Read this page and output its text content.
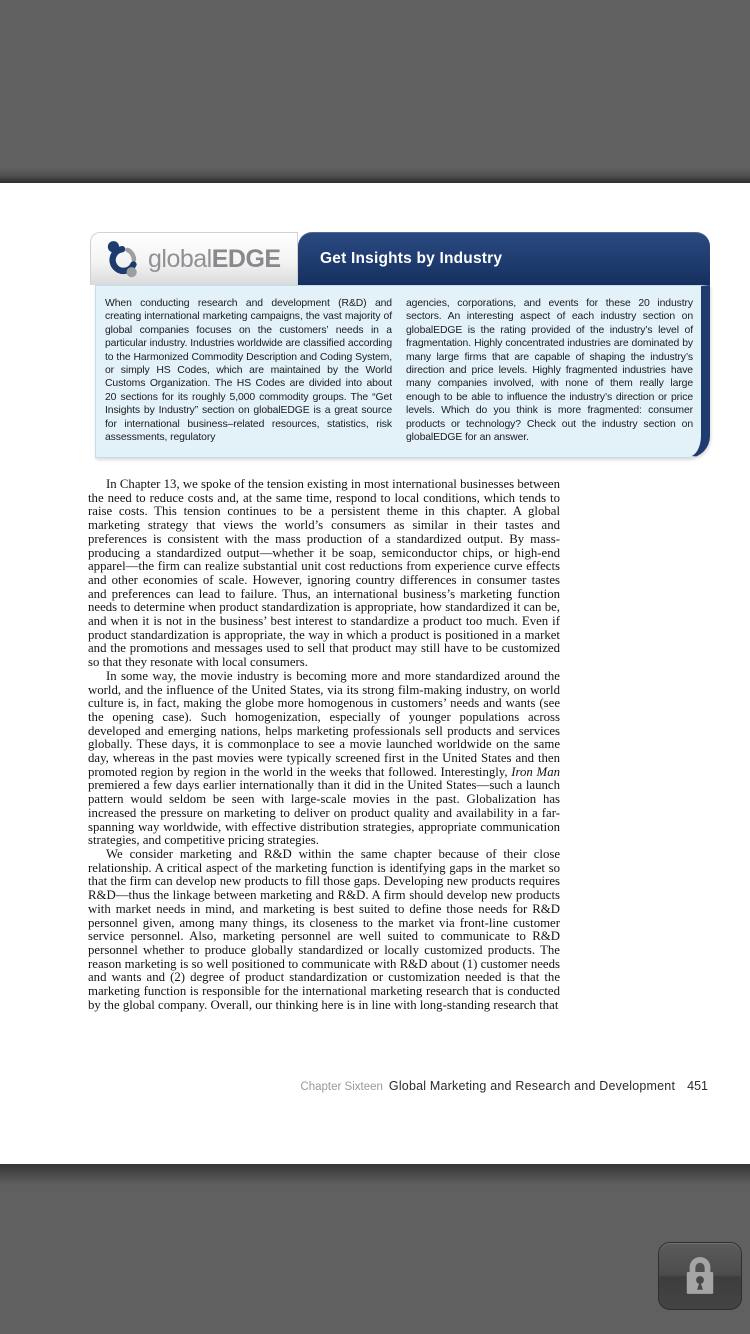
globalEDGE	Get Insights by Industry
When conducting research and development (R&D) and creating international marketing campaigns, the vast majority of global companies focuses on the customers’ needs in a particular industry. Industries worldwide are classified according to the Harmonized Commodity Description and Coding System, or simply HS Codes, which are maintained by the World Customs Organization. The HS Codes are divided into about 20 sections for its roughly 5,000 commodity groups. The “Get Insights by Industry” section on globalEDGE is a great source for international business–related resources, statistics, risk assessments, regulatory
agencies, corporations, and events for these 20 industry sectors. An interesting aspect of each industry section on globalEDGE is the rating provided of the industry’s level of fragmentation. Highly concentrated industries are dominated by many large firms that are capable of shaping the industry’s direction and price levels. Highly fragmented industries have many companies involved, with none of them really large enough to be able to influence the industry’s direction or price levels. Which do you think is more fragmented: consumer products or technology? Check out the industry section on globalEDGE for an answer.

In Chapter 13, we spoke of the tension existing in most international businesses between the need to reduce costs and, at the same time, respond to local conditions, which tends to raise costs. This tension continues to be a persistent theme in this chapter. A global marketing strategy that views the world’s consumers as similar in their tastes and preferences is consistent with the mass production of a standardized output. By mass-producing a standardized output—whether it be soap, semiconductor chips, or high-end apparel—the firm can realize substantial unit cost reductions from experience curve effects and other economies of scale. However, ignoring country differences in consumer tastes and preferences can lead to failure. Thus, an international business’s marketing function needs to determine when product standardization is appropriate, how standardized it can be, and when it is not in the business’ best interest to standardize a product too much. Even if product standardization is appropriate, the way in which a product is positioned in a market and the promotions and messages used to sell that product may still have to be customized so that they resonate with local consumers.

In some way, the movie industry is becoming more and more standardized around the world, and the influence of the United States, via its strong film-making industry, on world culture is, in fact, making the globe more homogenous in customers’ needs and wants (see the opening case). Such homogenization, especially of younger populations across developed and emerging nations, helps marketing professionals sell products and services globally. These days, it is commonplace to see a movie launched worldwide on the same day, whereas in the past movies were typically screened first in the United States and then promoted region by region in the world in the weeks that followed. Interestingly, Iron Man premiered a few days earlier internationally than it did in the United States—such a launch pattern would seldom be seen with large-scale movies in the past. Globalization has increased the pressure on marketing to deliver on product quality and availability in a far-spanning way worldwide, with effective distribution strategies, appropriate communication strategies, and competitive pricing strategies.

We consider marketing and R&D within the same chapter because of their close relationship. A critical aspect of the marketing function is identifying gaps in the market so that the firm can develop new products to fill those gaps. Developing new products requires R&D—thus the linkage between marketing and R&D. A firm should develop new products with market needs in mind, and marketing is best suited to define those needs for R&D personnel given, among many things, its closeness to the market via front-line customer service personnel. Also, marketing personnel are well suited to communicate to R&D personnel whether to produce globally standardized or locally customized products. The reason marketing is so well positioned to communicate with R&D about (1) customer needs and wants and (2) degree of product standardization or customization needed is that the marketing function is responsible for the international marketing research that is conducted by the global company. Overall, our thinking here is in line with long-standing research that

Chapter Sixteen Global Marketing and Research and Development 451
